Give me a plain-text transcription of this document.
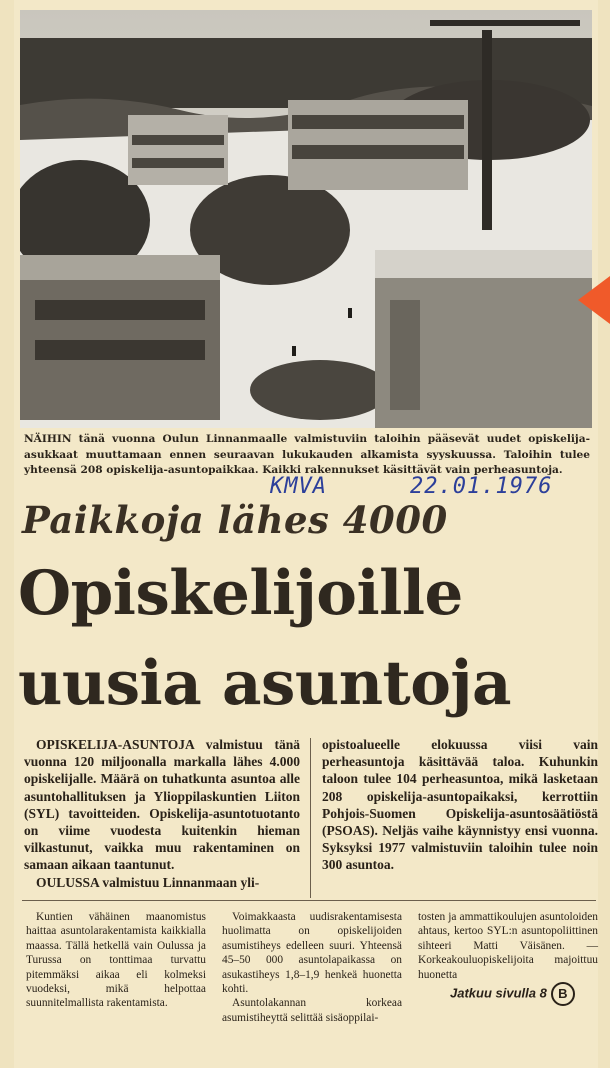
NÄIHIN tänä vuonna Oulun Linnanmaalle valmistuviin taloihin pääsevät uudet opiskelija-asukkaat muuttamaan ennen seuraavan lukukauden alkamista syyskuussa. Taloihin tulee yhteensä 208 opiskelija-asuntopaikkaa. Kaikki rakennukset käsittävät vain perheasuntoja.
KMVA	22.01.1976
Paikkoja lähes 4000
Opiskelijoille
uusia asuntoja

OPISKELIJA-ASUNTOJA valmistuu tänä vuonna 120 miljoonalla markalla lähes 4.000 opiskelijalle. Määrä on tuhatkunta asuntoa alle asuntohallituksen ja Ylioppilaskuntien Liiton (SYL) tavoitteiden. Opiskelija-asuntotuotanto on viime vuodesta kuitenkin hieman vilkastunut, vaikka muu rakentaminen on samaan aikaan taantunut.

OULUSSA valmistuu Linnanmaan yli-

opistoalueelle elokuussa viisi vain perheasuntoja käsittävää taloa. Kuhunkin taloon tulee 104 perheasuntoa, mikä lasketaan 208 opiskelija-asuntopaikaksi, kerrottiin Pohjois-Suomen Opiskelija-asuntosäätiöstä (PSOAS). Neljäs vaihe käynnistyy ensi vuonna. Syksyksi 1977 valmistuviin taloihin tulee noin 300 asuntoa.

Kuntien vähäinen maanomistus haittaa asuntolarakentamista kaikkialla maassa. Tällä hetkellä vain Oulussa ja Turussa on tonttimaa turvattu pitemmäksi aikaa eli kolmeksi vuodeksi, mikä helpottaa suunnitelmallista rakentamista.

Voimakkaasta uudisrakentamisesta huolimatta on opiskelijoiden asumistiheys edelleen suuri. Yhteensä 45–50 000 asuntolapaikassa on asukastiheys 1,8–1,9 henkeä huonetta kohti.

Asuntolakannan korkeaa asumistiheyttä selittää sisäoppilai-

tosten ja ammattikoulujen asuntoloiden ahtaus, kertoo SYL:n asuntopoliittinen sihteeri Matti Väisänen. — Korkeakouluopiskelijoita majoittuu huonetta

Jatkuu sivulla 8 B
